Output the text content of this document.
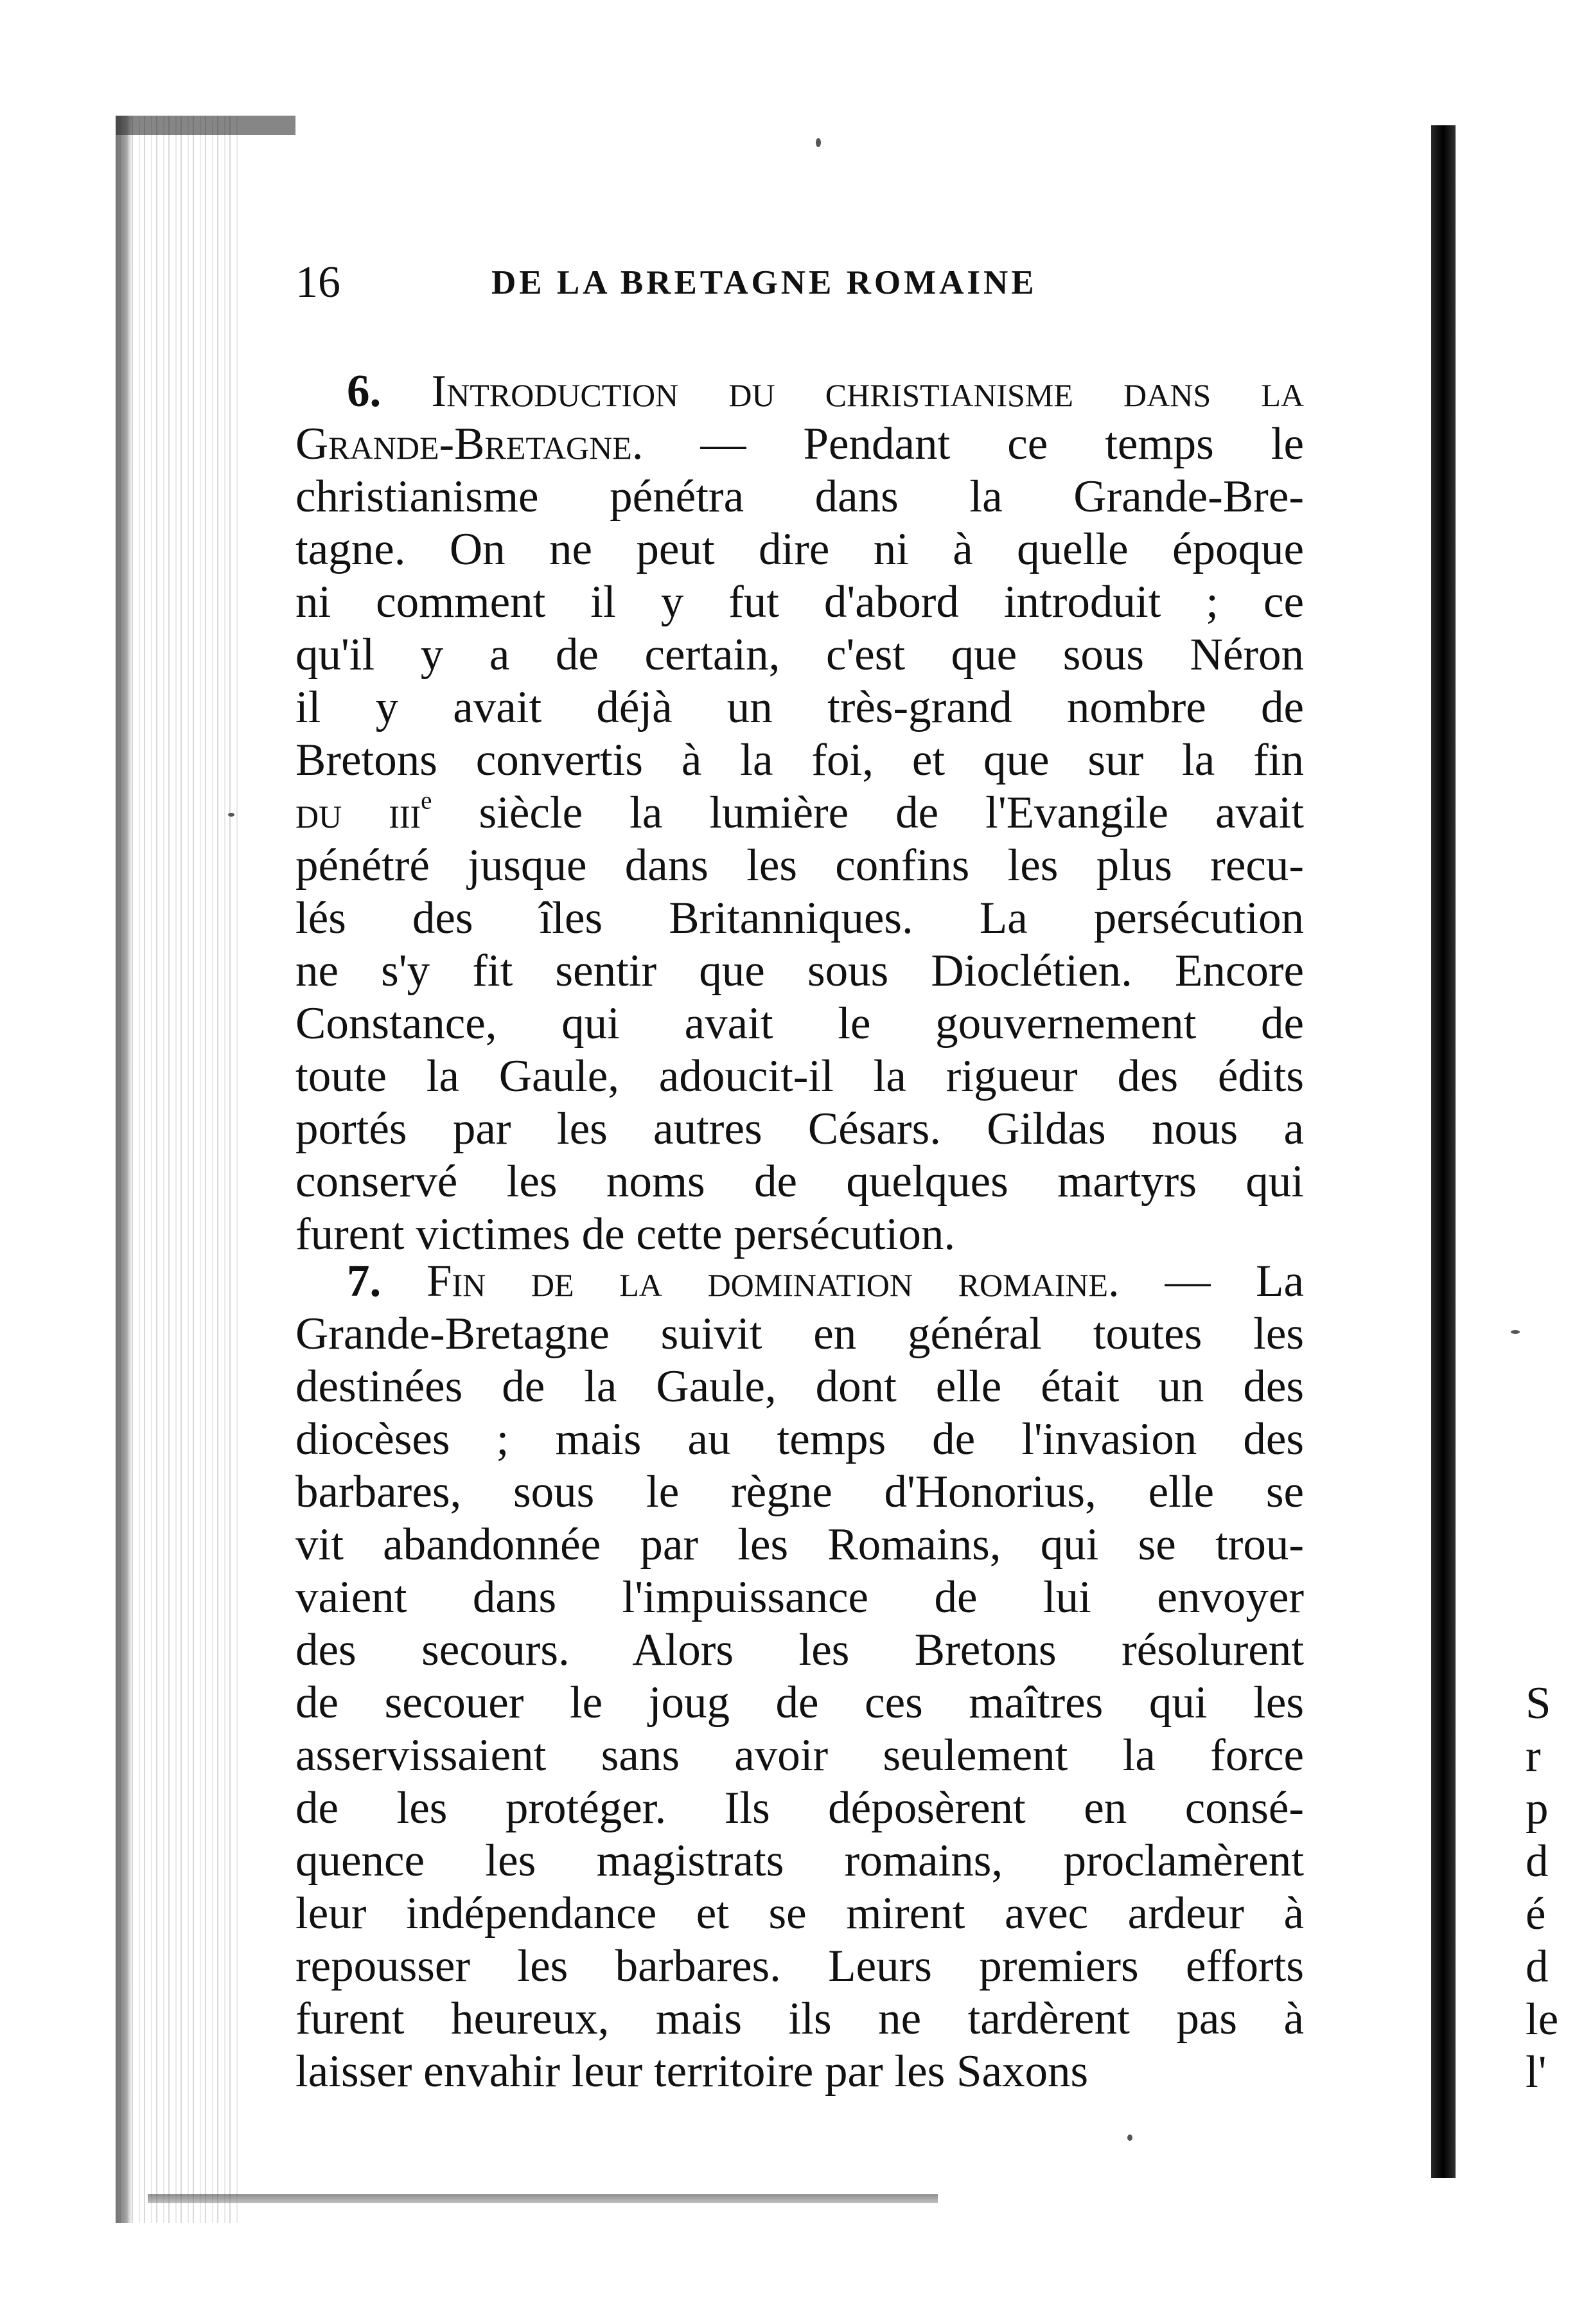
16	DE LA BRETAGNE ROMAINE
6. Introduction du christianisme dans la
Grande-Bretagne. — Pendant ce temps le
christianisme pénétra dans la Grande-Bre-
tagne. On ne peut dire ni à quelle époque
ni comment il y fut d'abord introduit ; ce
qu'il y a de certain, c'est que sous Néron
il y avait déjà un très-grand nombre de
Bretons convertis à la foi, et que sur la fin
du iii$^e$ siècle la lumière de l'Evangile avait
pénétré jusque dans les confins les plus recu-
lés des îles Britanniques. La persécution
ne s'y fit sentir que sous Dioclétien. Encore
Constance, qui avait le gouvernement de
toute la Gaule, adoucit-il la rigueur des édits
portés par les autres Césars. Gildas nous a
conservé les noms de quelques martyrs qui
furent victimes de cette persécution.
7. Fin de la domination romaine. — La
Grande-Bretagne suivit en général toutes les
destinées de la Gaule, dont elle était un des
diocèses ; mais au temps de l'invasion des
barbares, sous le règne d'Honorius, elle se
vit abandonnée par les Romains, qui se trou-
vaient dans l'impuissance de lui envoyer
des secours. Alors les Bretons résolurent
de secouer le joug de ces maîtres qui les
asservissaient sans avoir seulement la force
de les protéger. Ils déposèrent en consé-
quence les magistrats romains, proclamèrent
leur indépendance et se mirent avec ardeur à
repousser les barbares. Leurs premiers efforts
furent heureux, mais ils ne tardèrent pas à
laisser envahir leur territoire par les Saxons
S
r
p
d
é
d
le
l'
